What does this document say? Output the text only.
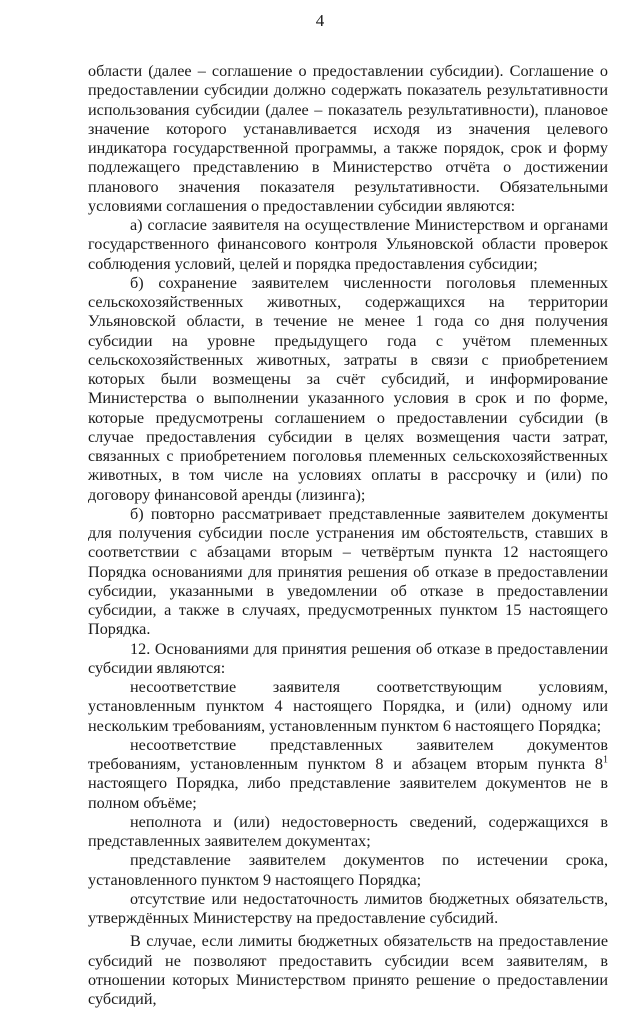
4

области (далее – соглашение о предоставлении субсидии). Соглашение о предоставлении субсидии должно содержать показатель результативности использования субсидии (далее – показатель результативности), плановое значение которого устанавливается исходя из значения целевого индикатора государственной программы, а также порядок, срок и форму подлежащего представлению в Министерство отчёта о достижении планового значения показателя результативности. Обязательными условиями соглашения о предоставлении субсидии являются:

а) согласие заявителя на осуществление Министерством и органами государственного финансового контроля Ульяновской области проверок соблюдения условий, целей и порядка предоставления субсидии;

б) сохранение заявителем численности поголовья племенных сельскохозяйственных животных, содержащихся на территории Ульяновской области, в течение не менее 1 года со дня получения субсидии на уровне предыдущего года с учётом племенных сельскохозяйственных животных, затраты в связи с приобретением которых были возмещены за счёт субсидий, и информирование Министерства о выполнении указанного условия в срок и по форме, которые предусмотрены соглашением о предоставлении субсидии (в случае предоставления субсидии в целях возмещения части затрат, связанных с приобретением поголовья племенных сельскохозяйственных животных, в том числе на условиях оплаты в рассрочку и (или) по договору финансовой аренды (лизинга);

б) повторно рассматривает представленные заявителем документы для получения субсидии после устранения им обстоятельств, ставших в соответствии с абзацами вторым – четвёртым пункта 12 настоящего Порядка основаниями для принятия решения об отказе в предоставлении субсидии, указанными в уведомлении об отказе в предоставлении субсидии, а также в случаях, предусмотренных пунктом 15 настоящего Порядка.

12. Основаниями для принятия решения об отказе в предоставлении субсидии являются:

несоответствие заявителя соответствующим условиям, установленным пунктом 4 настоящего Порядка, и (или) одному или нескольким требованиям, установленным пунктом 6 настоящего Порядка;

несоответствие представленных заявителем документов требованиям, установленным пунктом 8 и абзацем вторым пункта $8^1$ настоящего Порядка, либо представление заявителем документов не в полном объёме;

неполнота и (или) недостоверность сведений, содержащихся в представленных заявителем документах;

представление заявителем документов по истечении срока, установленного пунктом 9 настоящего Порядка;

отсутствие или недостаточность лимитов бюджетных обязательств, утверждённых Министерству на предоставление субсидий.

В случае, если лимиты бюджетных обязательств на предоставление субсидий не позволяют предоставить субсидии всем заявителям, в отношении которых Министерством принято решение о предоставлении субсидий,
